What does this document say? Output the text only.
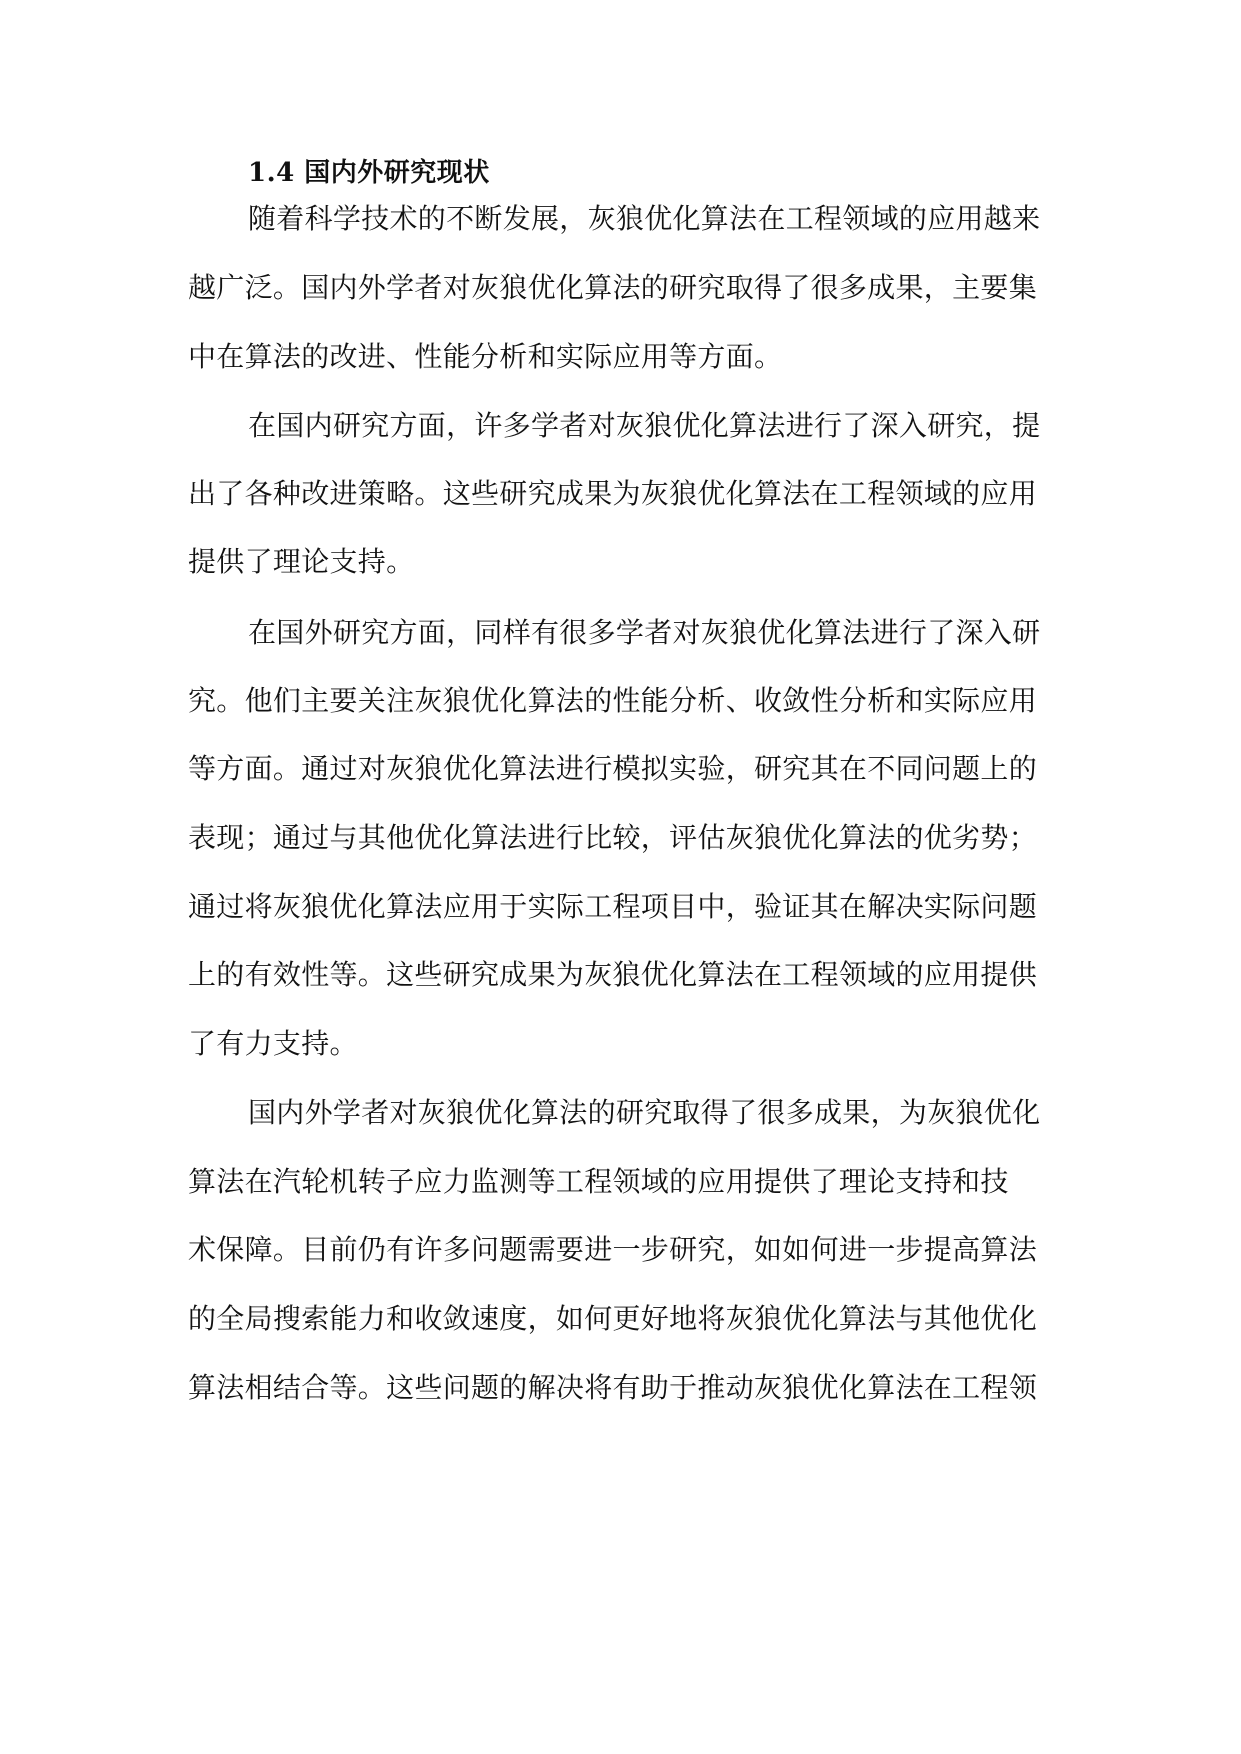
1.4 国内外研究现状

随着科学技术的不断发展，灰狼优化算法在工程领域的应用越来

越广泛。国内外学者对灰狼优化算法的研究取得了很多成果，主要集

中在算法的改进、性能分析和实际应用等方面。

在国内研究方面，许多学者对灰狼优化算法进行了深入研究，提

出了各种改进策略。这些研究成果为灰狼优化算法在工程领域的应用

提供了理论支持。

在国外研究方面，同样有很多学者对灰狼优化算法进行了深入研

究。他们主要关注灰狼优化算法的性能分析、收敛性分析和实际应用

等方面。通过对灰狼优化算法进行模拟实验，研究其在不同问题上的

表现；通过与其他优化算法进行比较，评估灰狼优化算法的优劣势；

通过将灰狼优化算法应用于实际工程项目中，验证其在解决实际问题

上的有效性等。这些研究成果为灰狼优化算法在工程领域的应用提供

了有力支持。

国内外学者对灰狼优化算法的研究取得了很多成果，为灰狼优化

算法在汽轮机转子应力监测等工程领域的应用提供了理论支持和技

术保障。目前仍有许多问题需要进一步研究，如如何进一步提高算法

的全局搜索能力和收敛速度，如何更好地将灰狼优化算法与其他优化

算法相结合等。这些问题的解决将有助于推动灰狼优化算法在工程领
